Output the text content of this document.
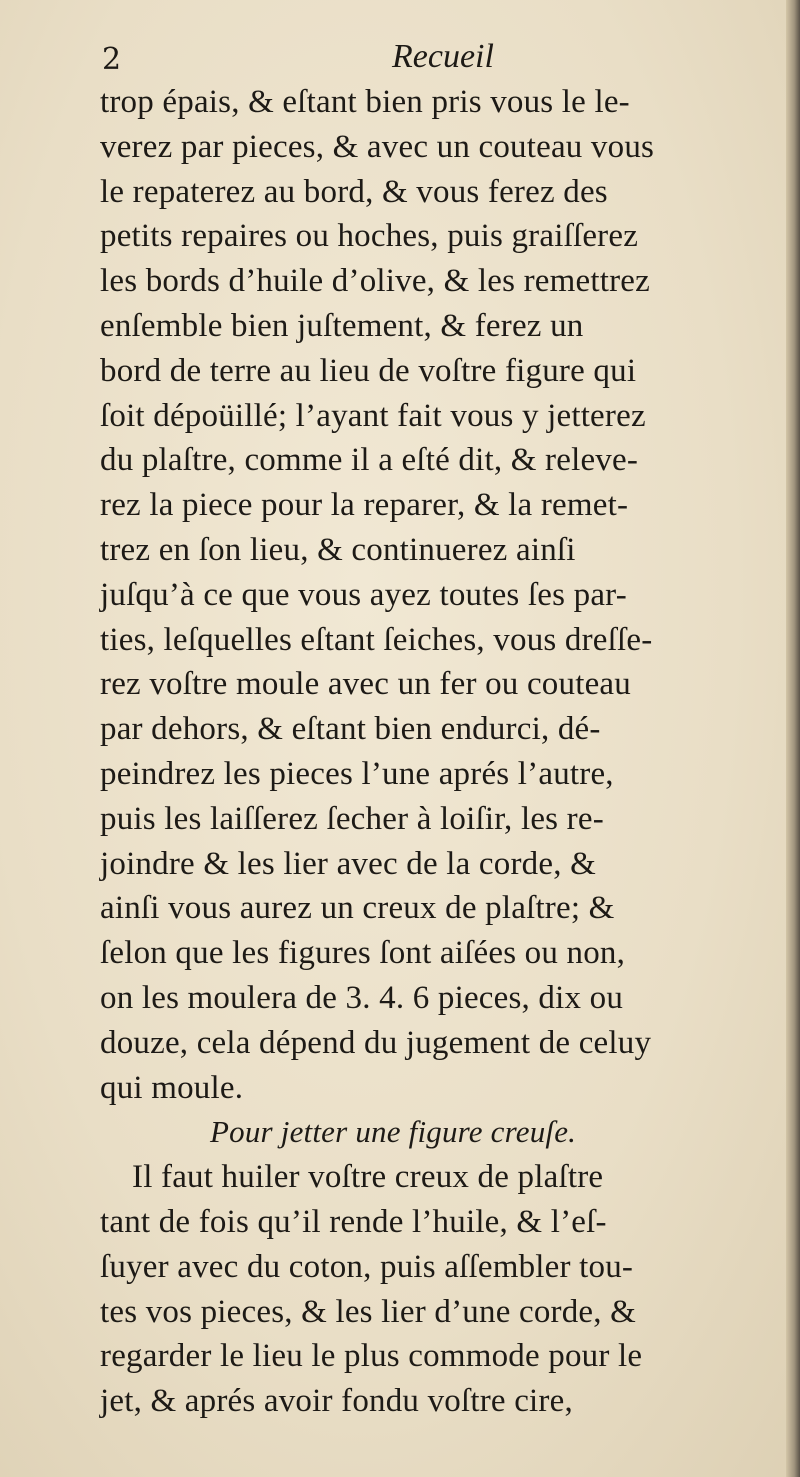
2	Recueil
trop épais, & eſtant bien pris vous le le-
verez par pieces, & avec un couteau vous
le repaterez au bord, & vous ferez des
petits repaires ou hoches, puis graiſſerez
les bords d’huile d’olive, & les remettrez
enſemble bien juſtement, & ferez un
bord de terre au lieu de voſtre figure qui
ſoit dépoüillé; l’ayant fait vous y jetterez
du plaſtre, comme il a eſté dit, & releve-
rez la piece pour la reparer, & la remet-
trez en ſon lieu, & continuerez ainſi
juſqu’à ce que vous ayez toutes ſes par-
ties, leſquelles eſtant ſeiches, vous dreſſe-
rez voſtre moule avec un fer ou couteau
par dehors, & eſtant bien endurci, dé-
peindrez les pieces l’une aprés l’autre,
puis les laiſſerez ſecher à loiſir, les re-
joindre & les lier avec de la corde, &
ainſi vous aurez un creux de plaſtre; &
ſelon que les figures ſont aiſées ou non,
on les moulera de 3. 4. 6 pieces, dix ou
douze, cela dépend du jugement de celuy
qui moule.
Pour jetter une figure creuſe.
Il faut huiler voſtre creux de plaſtre
tant de fois qu’il rende l’huile, & l’eſ-
ſuyer avec du coton, puis aſſembler tou-
tes vos pieces, & les lier d’une corde, &
regarder le lieu le plus commode pour le
jet, & aprés avoir fondu voſtre cire,
